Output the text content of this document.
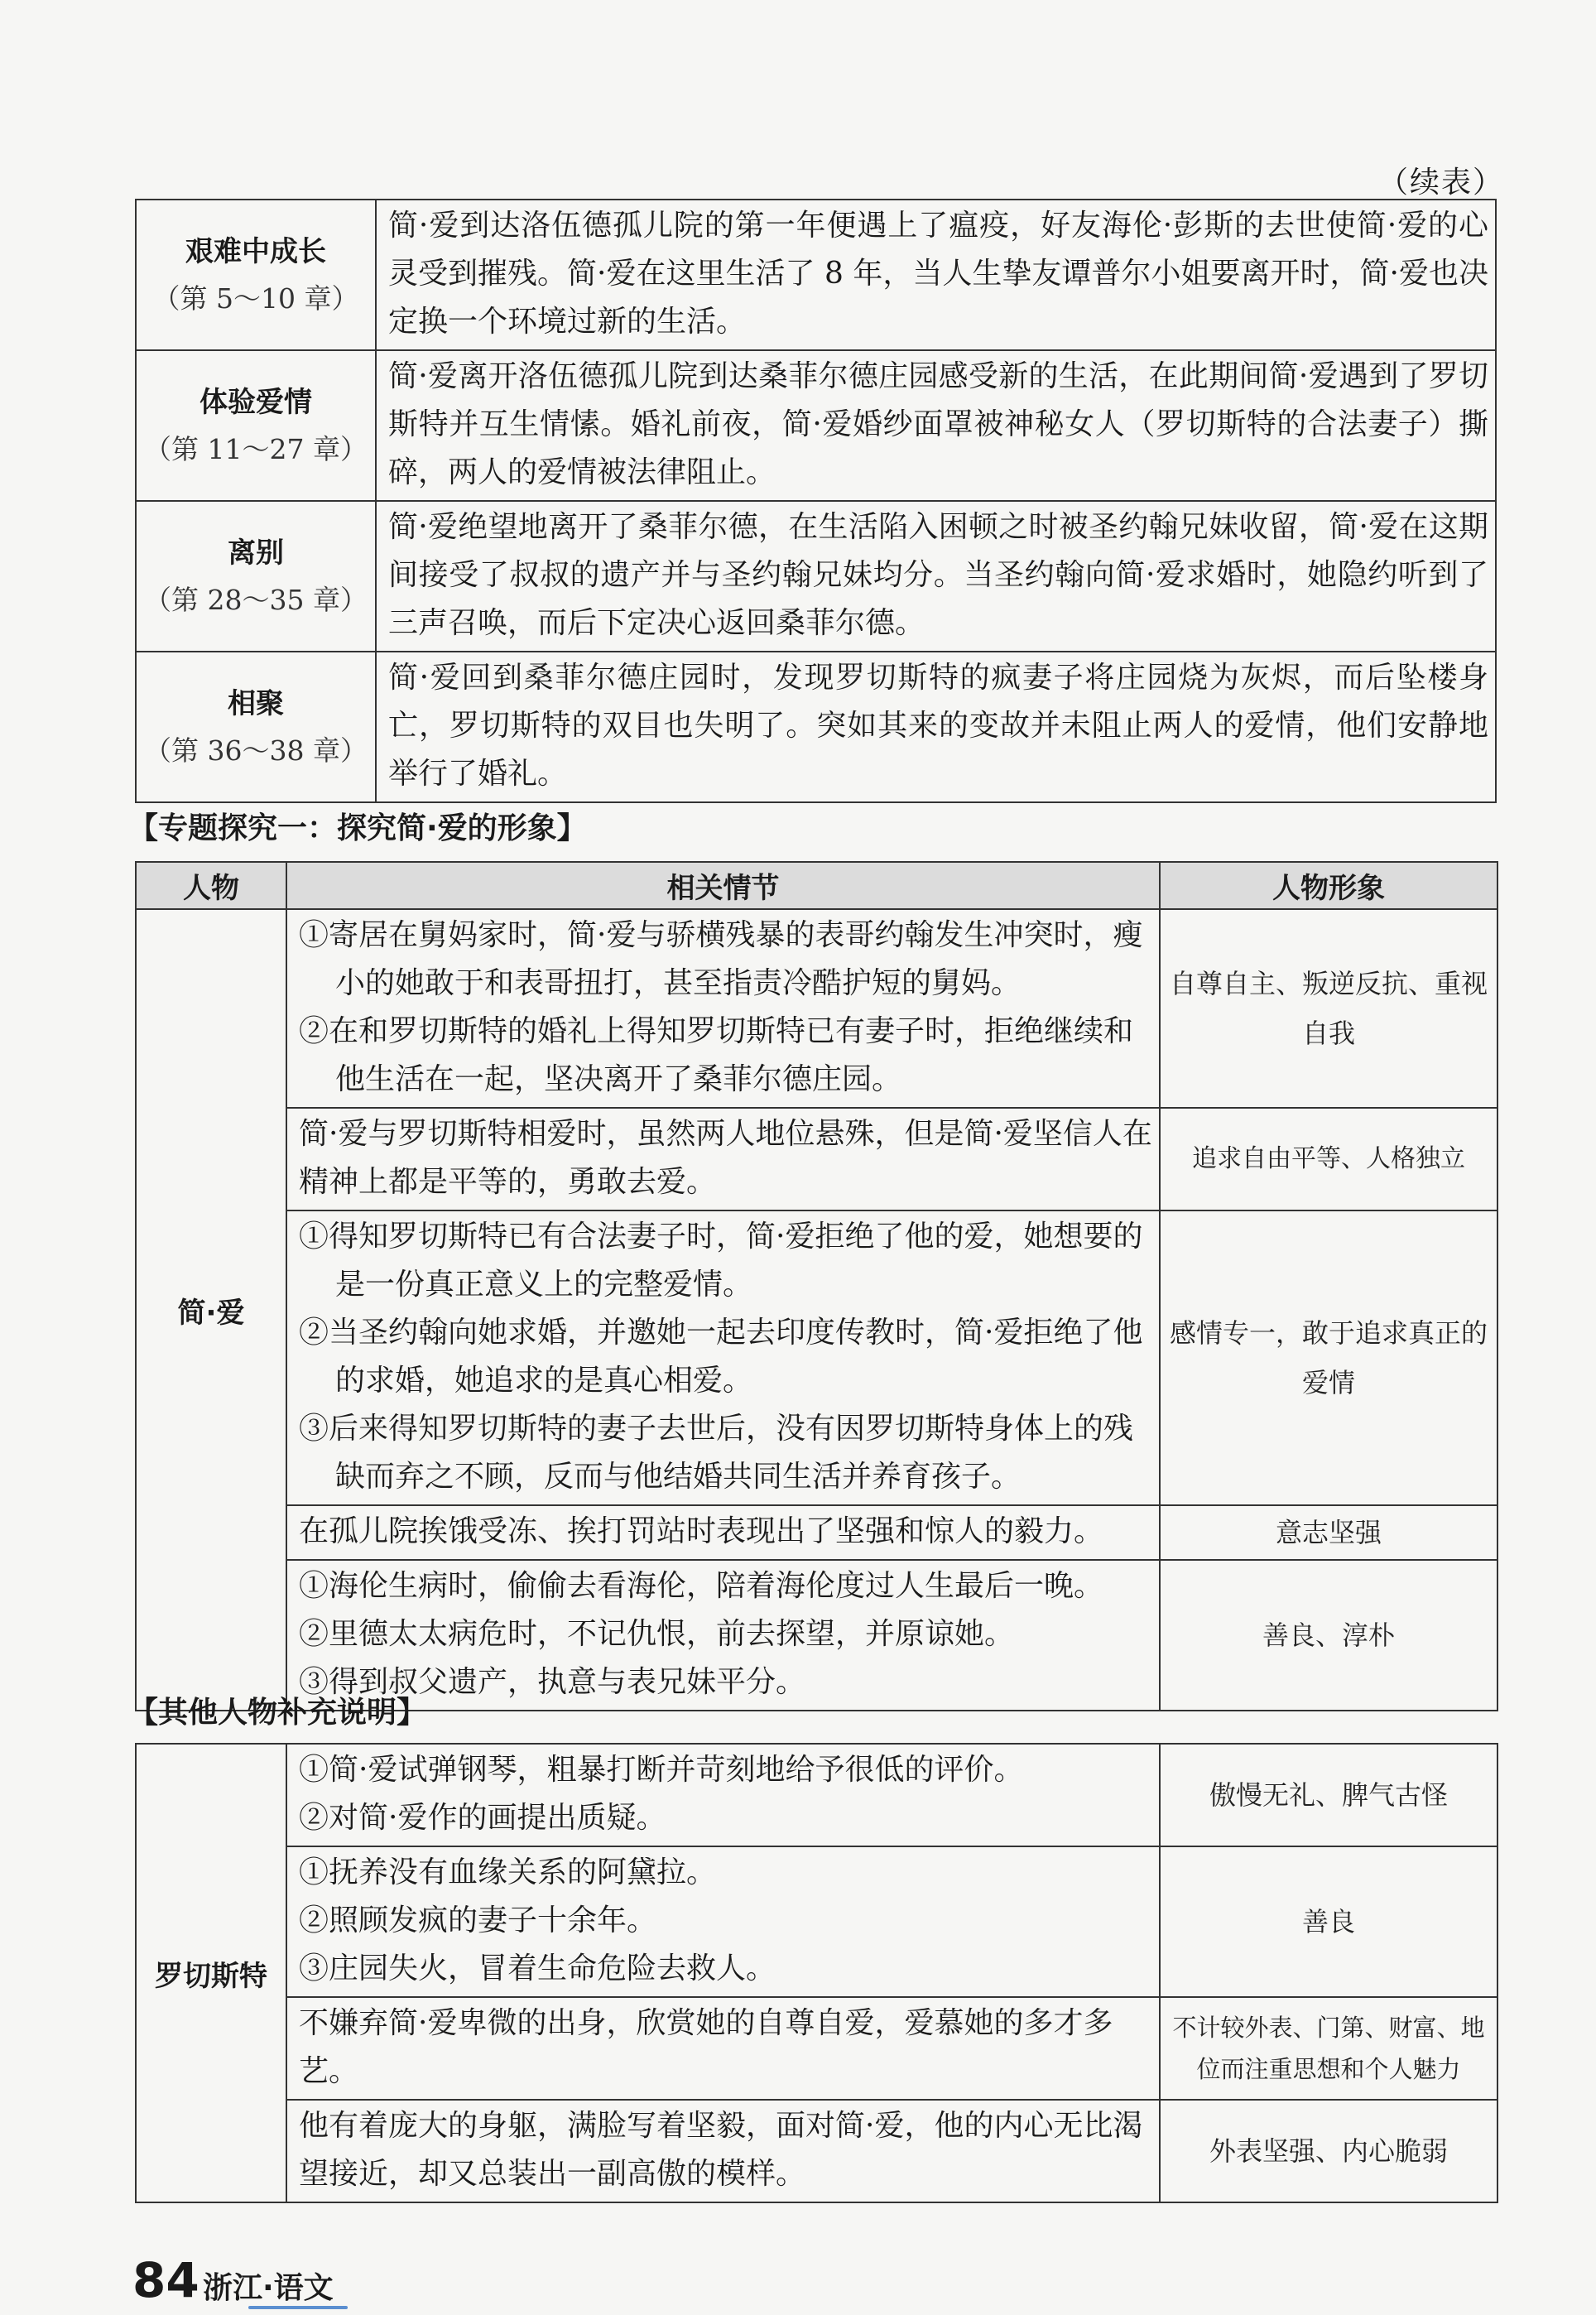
（续表）
艰难中成长
（第 5～10 章）	简·爱到达洛伍德孤儿院的第一年便遇上了瘟疫，好友海伦·彭斯的去世使简·爱的心灵受到摧残。简·爱在这里生活了 8 年，当人生挚友谭普尔小姐要离开时，简·爱也决定换一个环境过新的生活。

体验爱情
（第 11～27 章）	简·爱离开洛伍德孤儿院到达桑菲尔德庄园感受新的生活，在此期间简·爱遇到了罗切斯特并互生情愫。婚礼前夜，简·爱婚纱面罩被神秘女人（罗切斯特的合法妻子）撕碎，两人的爱情被法律阻止。

离别
（第 28～35 章）	简·爱绝望地离开了桑菲尔德，在生活陷入困顿之时被圣约翰兄妹收留，简·爱在这期间接受了叔叔的遗产并与圣约翰兄妹均分。当圣约翰向简·爱求婚时，她隐约听到了三声召唤，而后下定决心返回桑菲尔德。

相聚
（第 36～38 章）	简·爱回到桑菲尔德庄园时，发现罗切斯特的疯妻子将庄园烧为灰烬，而后坠楼身亡，罗切斯特的双目也失明了。突如其来的变故并未阻止两人的爱情，他们安静地举行了婚礼。
【专题探究一：探究简·爱的形象】
人物	相关情节	人物形象
简·爱	①寄居在舅妈家时，简·爱与骄横残暴的表哥约翰发生冲突时，瘦小的她敢于和表哥扭打，甚至指责冷酷护短的舅妈。
②在和罗切斯特的婚礼上得知罗切斯特已有妻子时，拒绝继续和他生活在一起，坚决离开了桑菲尔德庄园。	自尊自主、叛逆反抗、重视自我

	简·爱与罗切斯特相爱时，虽然两人地位悬殊，但是简·爱坚信人在精神上都是平等的，勇敢去爱。	追求自由平等、人格独立

	①得知罗切斯特已有合法妻子时，简·爱拒绝了他的爱，她想要的是一份真正意义上的完整爱情。
②当圣约翰向她求婚，并邀她一起去印度传教时，简·爱拒绝了他的求婚，她追求的是真心相爱。
③后来得知罗切斯特的妻子去世后，没有因罗切斯特身体上的残缺而弃之不顾，反而与他结婚共同生活并养育孩子。	感情专一，敢于追求真正的爱情

	在孤儿院挨饿受冻、挨打罚站时表现出了坚强和惊人的毅力。	意志坚强

	①海伦生病时，偷偷去看海伦，陪着海伦度过人生最后一晚。
②里德太太病危时，不记仇恨，前去探望，并原谅她。
③得到叔父遗产，执意与表兄妹平分。	善良、淳朴
【其他人物补充说明】
罗切斯特	①简·爱试弹钢琴，粗暴打断并苛刻地给予很低的评价。
②对简·爱作的画提出质疑。	傲慢无礼、脾气古怪

	①抚养没有血缘关系的阿黛拉。
②照顾发疯的妻子十余年。
③庄园失火，冒着生命危险去救人。	善良

	不嫌弃简·爱卑微的出身，欣赏她的自尊自爱，爱慕她的多才多艺。	不计较外表、门第、财富、地位而注重思想和个人魅力

	他有着庞大的身躯，满脸写着坚毅，面对简·爱，他的内心无比渴望接近，却又总装出一副高傲的模样。	外表坚强、内心脆弱
84 浙江·语文
